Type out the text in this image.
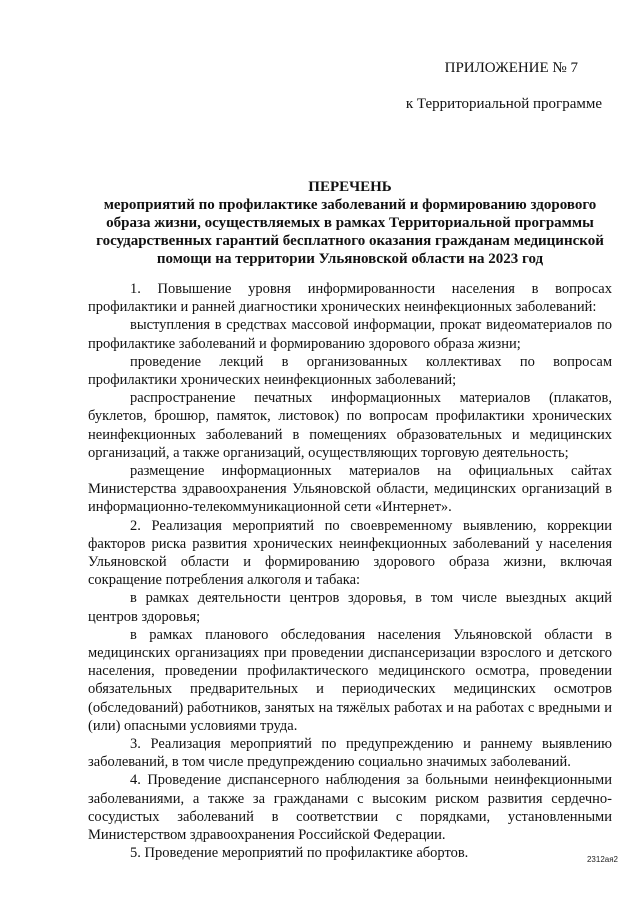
ПРИЛОЖЕНИЕ № 7
к Территориальной программе
ПЕРЕЧЕНЬ
мероприятий по профилактике заболеваний и формированию здорового образа жизни, осуществляемых в рамках Территориальной программы государственных гарантий бесплатного оказания гражданам медицинской помощи на территории Ульяновской области на 2023 год

1. Повышение уровня информированности населения в вопросах профилактики и ранней диагностики хронических неинфекционных заболеваний:

выступления в средствах массовой информации, прокат видеоматериалов по профилактике заболеваний и формированию здорового образа жизни;

проведение лекций в организованных коллективах по вопросам профилактики хронических неинфекционных заболеваний;

распространение печатных информационных материалов (плакатов, буклетов, брошюр, памяток, листовок) по вопросам профилактики хронических неинфекционных заболеваний в помещениях образовательных и медицинских организаций, а также организаций, осуществляющих торговую деятельность;

размещение информационных материалов на официальных сайтах Министерства здравоохранения Ульяновской области, медицинских организаций в информационно-телекоммуникационной сети «Интернет».

2. Реализация мероприятий по своевременному выявлению, коррекции факторов риска развития хронических неинфекционных заболеваний у населения Ульяновской области и формированию здорового образа жизни, включая сокращение потребления алкоголя и табака:

в рамках деятельности центров здоровья, в том числе выездных акций центров здоровья;

в рамках планового обследования населения Ульяновской области в медицинских организациях при проведении диспансеризации взрослого и детского населения, проведении профилактического медицинского осмотра, проведении обязательных предварительных и периодических медицинских осмотров (обследований) работников, занятых на тяжёлых работах и на работах с вредными и (или) опасными условиями труда.

3. Реализация мероприятий по предупреждению и раннему выявлению заболеваний, в том числе предупреждению социально значимых заболеваний.

4. Проведение диспансерного наблюдения за больными неинфекционными заболеваниями, а также за гражданами с высоким риском развития сердечно-сосудистых заболеваний в соответствии с порядками, установленными Министерством здравоохранения Российской Федерации.

5. Проведение мероприятий по профилактике абортов.	2312ая2
